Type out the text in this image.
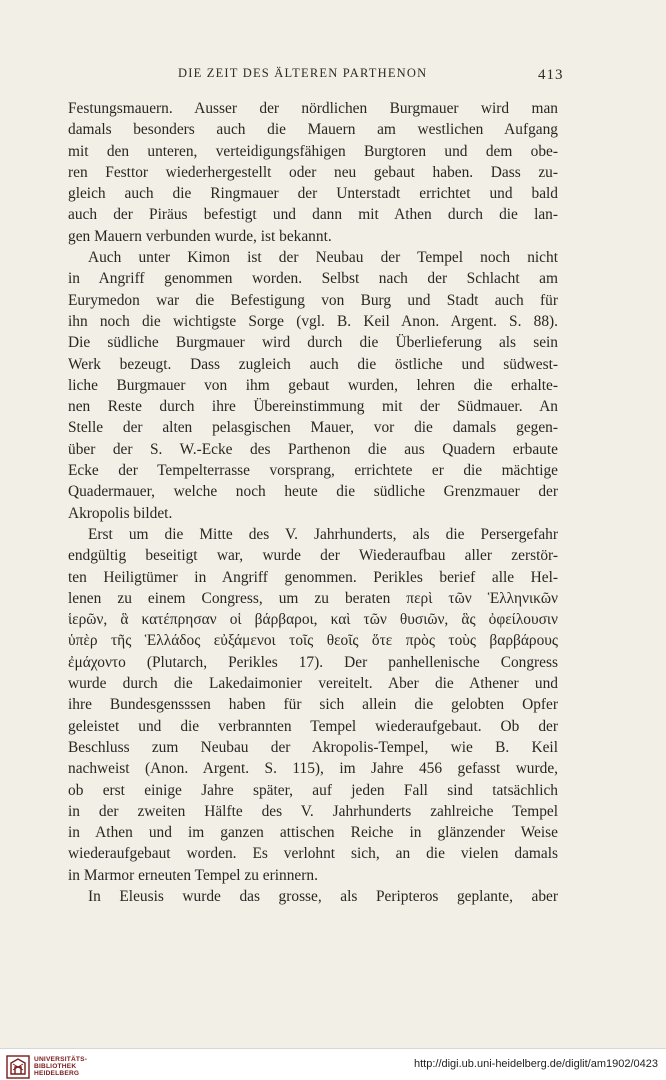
DIE ZEIT DES ÄLTEREN PARTHENON	413
Festungsmauern. Ausser der nördlichen Burgmauer wird man
damals besonders auch die Mauern am westlichen Aufgang
mit den unteren, verteidigungsfähigen Burgtoren und dem obe-
ren Festtor wiederhergestellt oder neu gebaut haben. Dass zu-
gleich auch die Ringmauer der Unterstadt errichtet und bald
auch der Piräus befestigt und dann mit Athen durch die lan-
gen Mauern verbunden wurde, ist bekannt.
Auch unter Kimon ist der Neubau der Tempel noch nicht
in Angriff genommen worden. Selbst nach der Schlacht am
Eurymedon war die Befestigung von Burg und Stadt auch für
ihn noch die wichtigste Sorge (vgl. B. Keil Anon. Argent. S. 88).
Die südliche Burgmauer wird durch die Überlieferung als sein
Werk bezeugt. Dass zugleich auch die östliche und südwest-
liche Burgmauer von ihm gebaut wurden, lehren die erhalte-
nen Reste durch ihre Übereinstimmung mit der Südmauer. An
Stelle der alten pelasgischen Mauer, vor die damals gegen-
über der S. W.-Ecke des Parthenon die aus Quadern erbaute
Ecke der Tempelterrasse vorsprang, errichtete er die mächtige
Quadermauer, welche noch heute die südliche Grenzmauer der
Akropolis bildet.
Erst um die Mitte des V. Jahrhunderts, als die Persergefahr
endgültig beseitigt war, wurde der Wiederaufbau aller zerstör-
ten Heiligtümer in Angriff genommen. Perikles berief alle Hel-
lenen zu einem Congress, um zu beraten περὶ τῶν Ἑλληνικῶν
ἱερῶν, ἃ κατέπρησαν οἱ βάρβαροι, καὶ τῶν θυσιῶν, ἃς ὀφείλουσιν
ὑπὲρ τῆς Ἑλλάδος εὐξάμενοι τοῖς θεοῖς ὅτε πρὸς τοὺς βαρβάρους
ἐμάχοντο (Plutarch, Perikles 17). Der panhellenische Congress
wurde durch die Lakedaimonier vereitelt. Aber die Athener und
ihre Bundesgensssen haben für sich allein die gelobten Opfer
geleistet und die verbrannten Tempel wiederaufgebaut. Ob der
Beschluss zum Neubau der Akropolis-Tempel, wie B. Keil
nachweist (Anon. Argent. S. 115), im Jahre 456 gefasst wurde,
ob erst einige Jahre später, auf jeden Fall sind tatsächlich
in der zweiten Hälfte des V. Jahrhunderts zahlreiche Tempel
in Athen und im ganzen attischen Reiche in glänzender Weise
wiederaufgebaut worden. Es verlohnt sich, an die vielen damals
in Marmor erneuten Tempel zu erinnern.
In Eleusis wurde das grosse, als Peripteros geplante, aber
UNIVERSITÄTS-
BIBLIOTHEK
HEIDELBERG
http://digi.ub.uni-heidelberg.de/diglit/am1902/0423
